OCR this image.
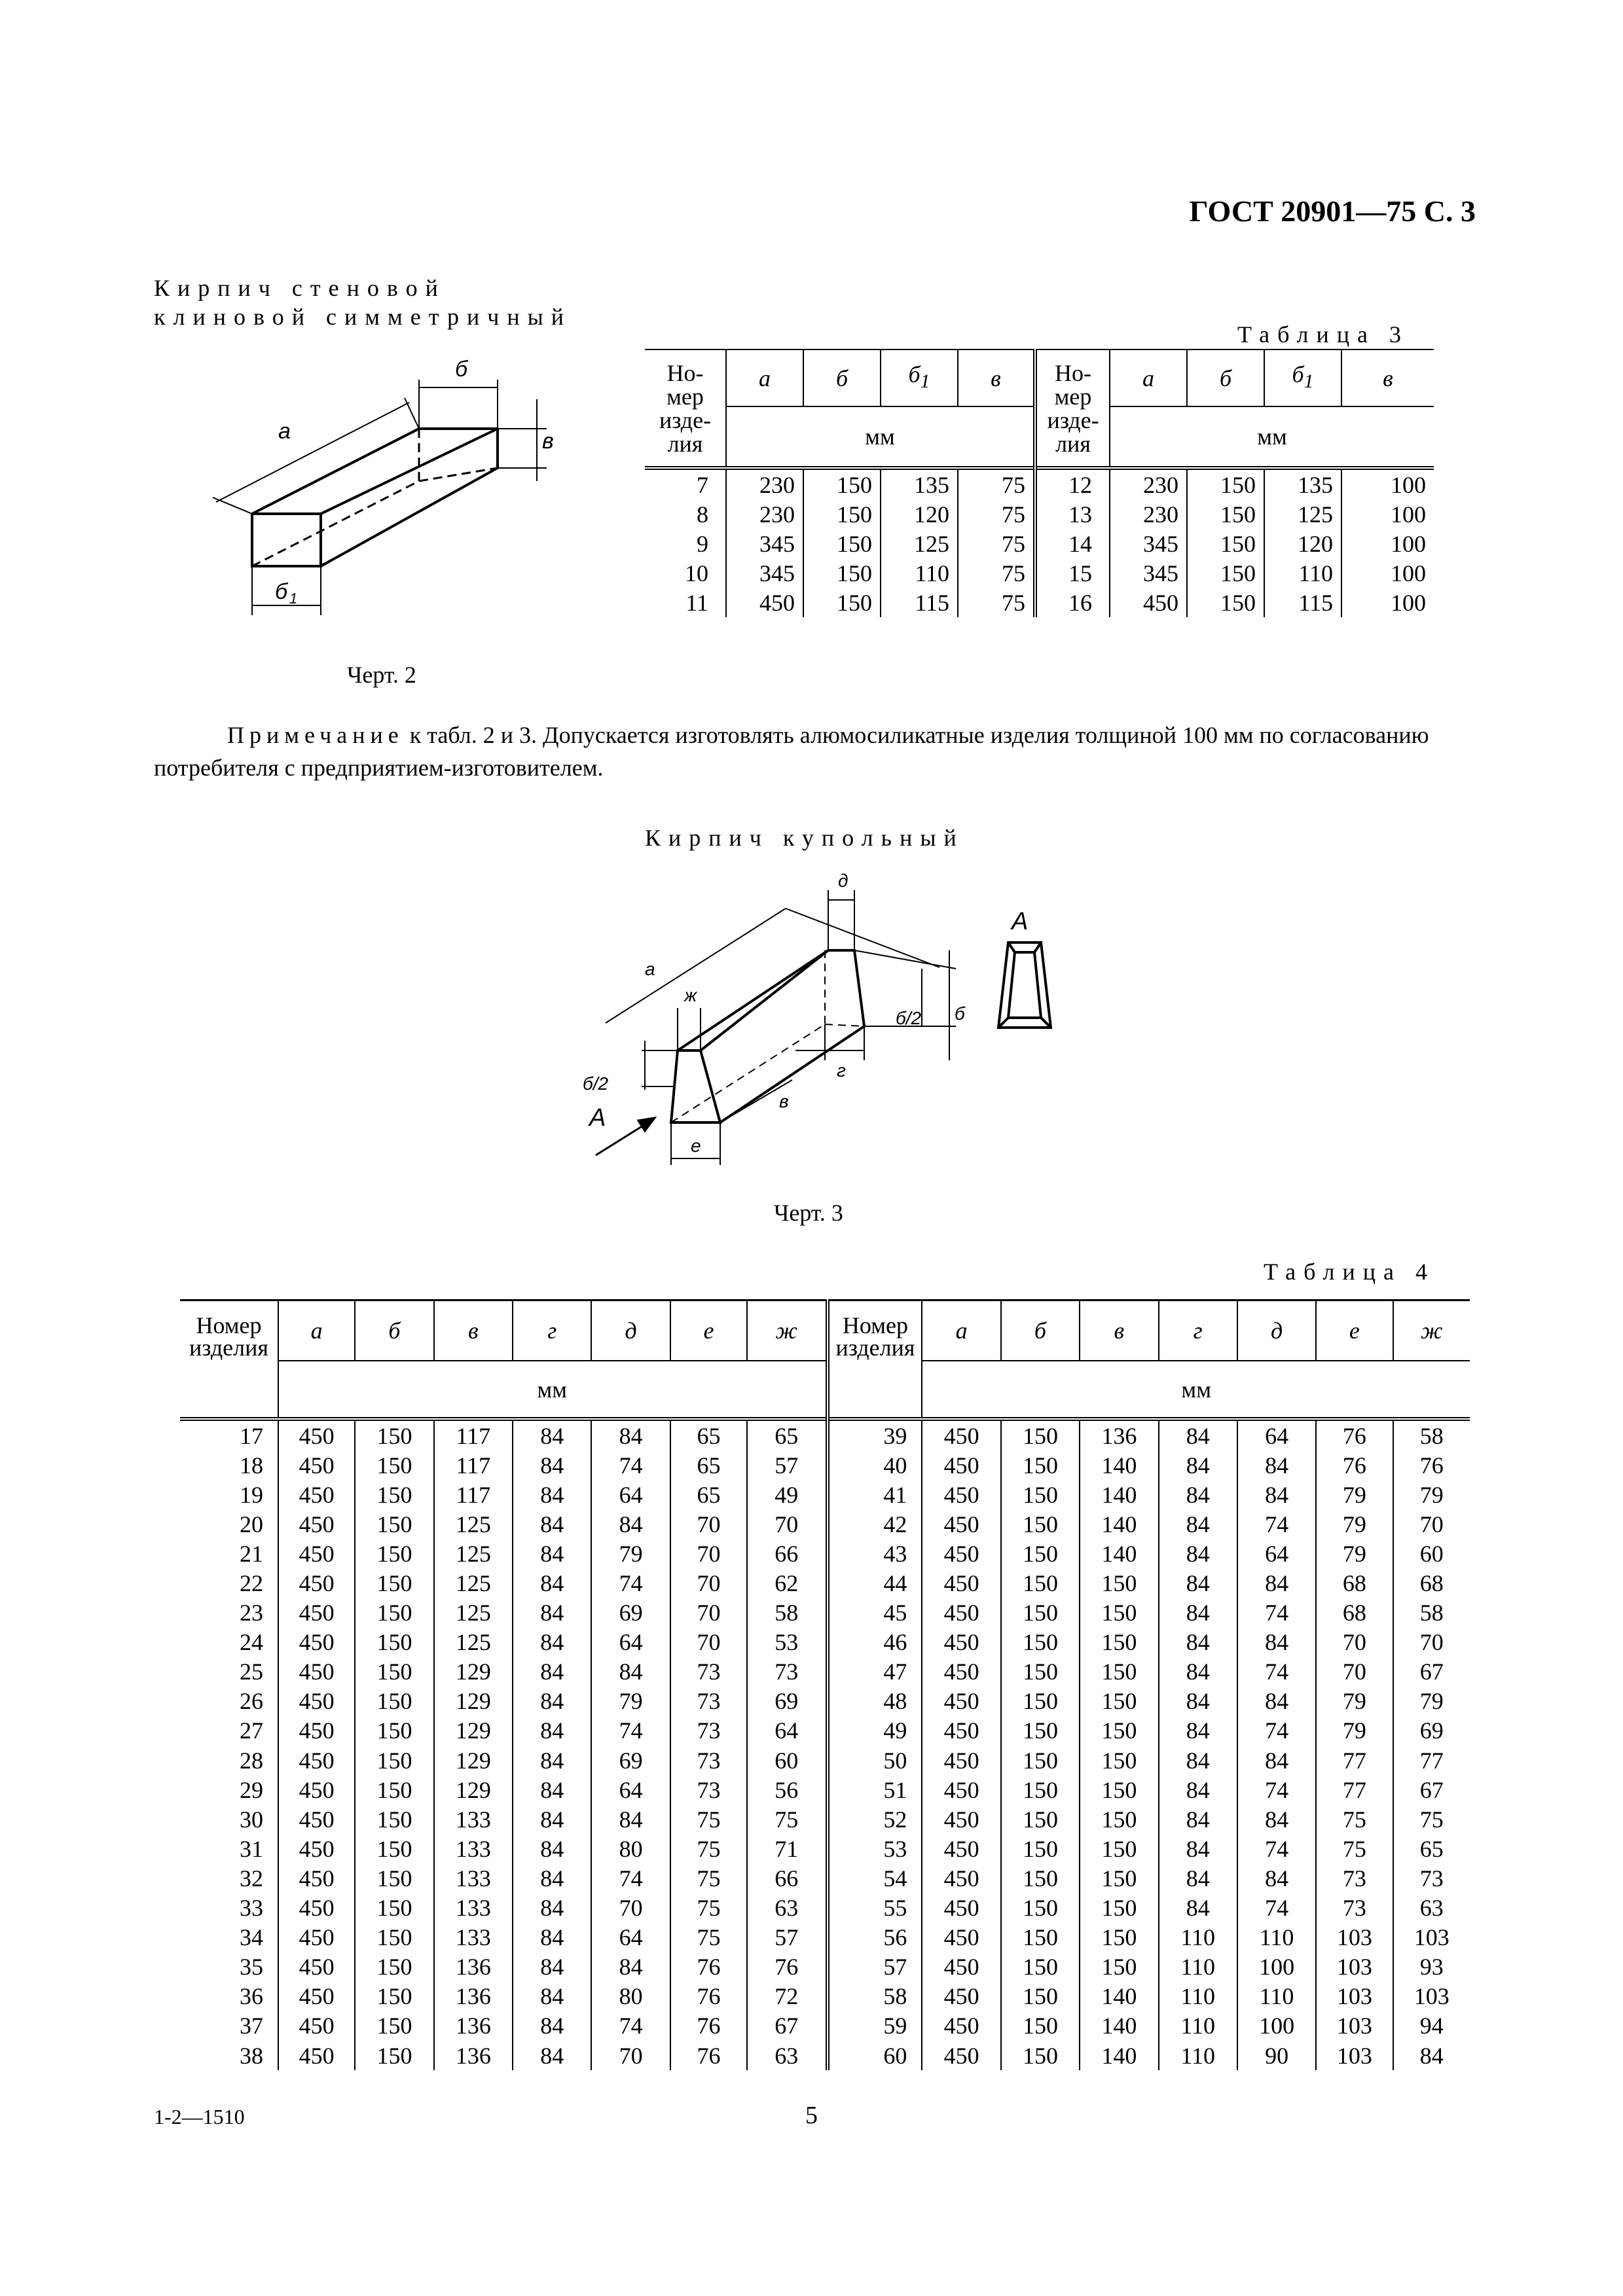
ГОСТ 20901—75 С. 3
Кирпич стеновой
клиновой симметричный
а
б
в
б 1
Черт. 2
Таблица 3
Но-
мер
изде-
лия	а	б	$б_1$	в	Но-
мер
изде-
лия	а	б	$б_1$	в
	мм					мм			
7	230	150	135	75	12	230	150	135	100
8	230	150	120	75	13	230	150	125	100
9	345	150	125	75	14	345	150	120	100
10	345	150	110	75	15	345	150	110	100
11	450	150	115	75	16	450	150	115	100
Примечание к табл. 2 и 3. Допускается изготовлять алюмосиликатные изделия толщиной 100 мм по согласованию потребителя с предприятием-изготовителем.
Кирпич купольный
д
а
ж
б/2 б
б/2
г
в
е
А
А
Черт. 3
Таблица 4
Номер
изделия	а	б	в	г	д	е	ж	Номер
изделия	а	б	в	г	д	е	ж
	мм								мм						
17	450	150	117	84	84	65	65	39	450	150	136	84	64	76	58
18	450	150	117	84	74	65	57	40	450	150	140	84	84	76	76
19	450	150	117	84	64	65	49	41	450	150	140	84	84	79	79
20	450	150	125	84	84	70	70	42	450	150	140	84	74	79	70
21	450	150	125	84	79	70	66	43	450	150	140	84	64	79	60
22	450	150	125	84	74	70	62	44	450	150	150	84	84	68	68
23	450	150	125	84	69	70	58	45	450	150	150	84	74	68	58
24	450	150	125	84	64	70	53	46	450	150	150	84	84	70	70
25	450	150	129	84	84	73	73	47	450	150	150	84	74	70	67
26	450	150	129	84	79	73	69	48	450	150	150	84	84	79	79
27	450	150	129	84	74	73	64	49	450	150	150	84	74	79	69
28	450	150	129	84	69	73	60	50	450	150	150	84	84	77	77
29	450	150	129	84	64	73	56	51	450	150	150	84	74	77	67
30	450	150	133	84	84	75	75	52	450	150	150	84	84	75	75
31	450	150	133	84	80	75	71	53	450	150	150	84	74	75	65
32	450	150	133	84	74	75	66	54	450	150	150	84	84	73	73
33	450	150	133	84	70	75	63	55	450	150	150	84	74	73	63
34	450	150	133	84	64	75	57	56	450	150	150	110	110	103	103
35	450	150	136	84	84	76	76	57	450	150	150	110	100	103	93
36	450	150	136	84	80	76	72	58	450	150	140	110	110	103	103
37	450	150	136	84	74	76	67	59	450	150	140	110	100	103	94
38	450	150	136	84	70	76	63	60	450	150	140	110	90	103	84
1-2—1510	5
